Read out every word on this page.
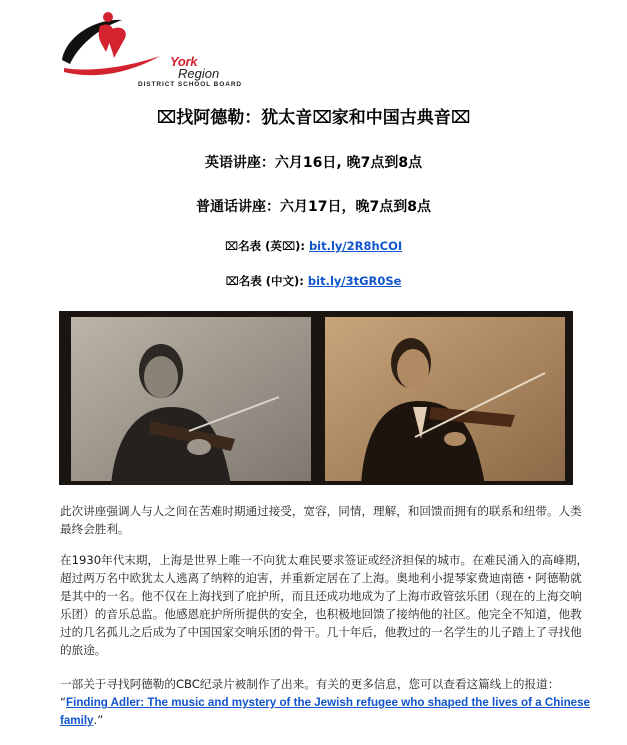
York
Region
DISTRICT SCHOOL BOARD
⌧找阿德勒：犹太音⌧家和中国古典音⌧
英语讲座：六月16日, 晚7点到8点
普通话讲座：六月17日，晚7点到8点
⌧名表 (英⌧): bit.ly/2R8hCOI
⌧名表 (中文): bit.ly/3tGR0Se
此次讲座强调人与人之间在苦难时期通过接受，宽容，同情，理解，和回馈而拥有的联系和纽带。人类最终会胜利。
在1930年代末期，上海是世界上唯一不向犹太难民要求签证或经济担保的城市。在难民涌入的高峰期，超过两万名中欧犹太人逃离了纳粹的迫害，并重新定居在了上海。奥地利小提琴家费迪南德・阿德勒就是其中的一名。他不仅在上海找到了庇护所，而且还成功地成为了上海市政管弦乐团（现在的上海交响乐团）的音乐总监。他感恩庇护所所提供的安全，也积极地回馈了接纳他的社区。他完全不知道，他教过的几名孤儿之后成为了中国国家交响乐团的骨干。几十年后，他教过的一名学生的儿子踏上了寻找他的旅途。
一部关于寻找阿德勒的CBC纪录片被制作了出来。有关的更多信息，您可以查看这篇线上的报道：
“Finding Adler: The music and mystery of the Jewish refugee who shaped the lives of a Chinese family.”
